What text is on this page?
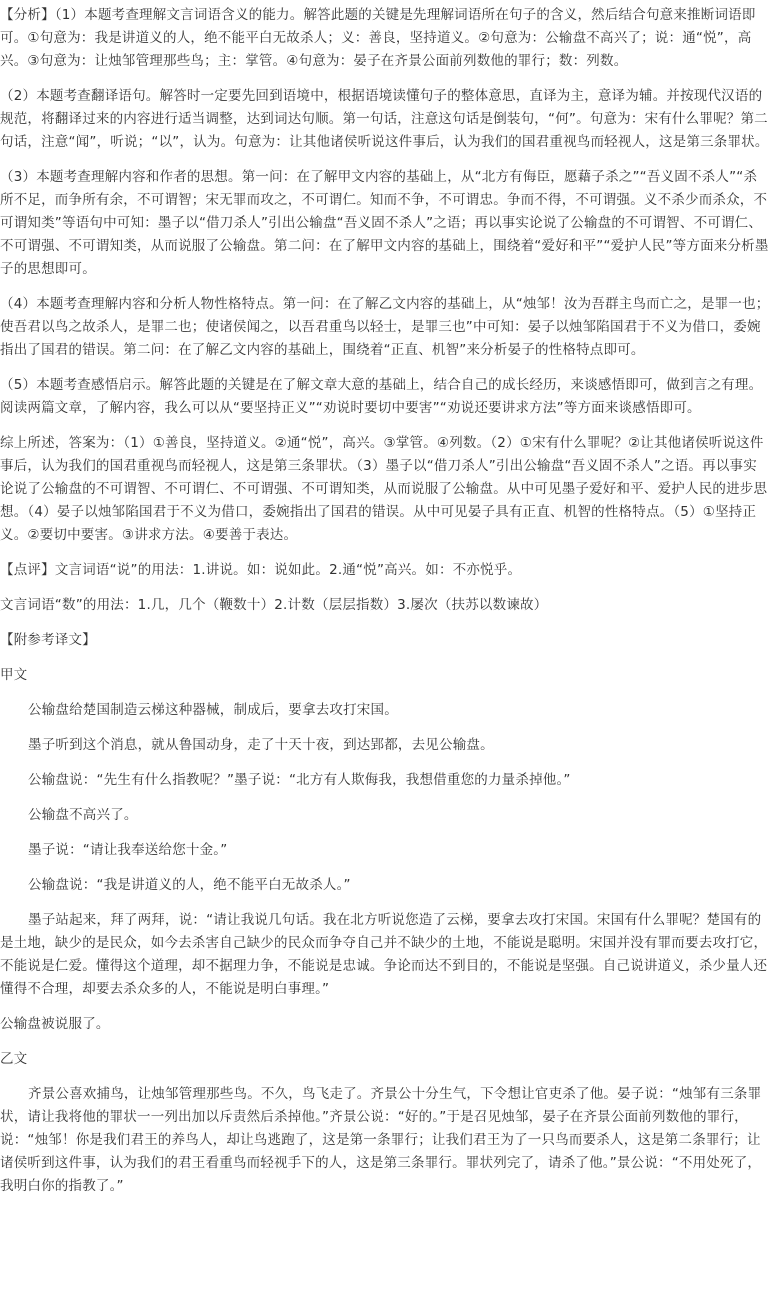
【分析】（1）本题考查理解文言词语含义的能力。解答此题的关键是先理解词语所在句子的含义，然后结合句意来推断词语即可。①句意为：我是讲道义的人，绝不能平白无故杀人；义：善良，坚持道义。②句意为：公输盘不高兴了；说：通“悦”，高兴。③句意为：让烛邹管理那些鸟；主：掌管。④句意为：晏子在齐景公面前列数他的罪行；数：列数。

（2）本题考查翻译语句。解答时一定要先回到语境中，根据语境读懂句子的整体意思，直译为主，意译为辅。并按现代汉语的规范，将翻译过来的内容进行适当调整，达到词达句顺。第一句话，注意这句话是倒装句，“何”。句意为：宋有什么罪呢？第二句话，注意“闻”，听说；“以”，认为。句意为：让其他诸侯听说这件事后，认为我们的国君重视鸟而轻视人，这是第三条罪状。

（3）本题考查理解内容和作者的思想。第一问：在了解甲文内容的基础上，从“北方有侮臣，愿藉子杀之”“吾义固不杀人”“杀所不足，而争所有余，不可谓智；宋无罪而攻之，不可谓仁。知而不争，不可谓忠。争而不得，不可谓强。义不杀少而杀众，不可谓知类”等语句中可知：墨子以“借刀杀人”引出公输盘“吾义固不杀人”之语；再以事实论说了公输盘的不可谓智、不可谓仁、不可谓强、不可谓知类，从而说服了公输盘。第二问：在了解甲文内容的基础上，围绕着“爱好和平”“爱护人民”等方面来分析墨子的思想即可。

（4）本题考查理解内容和分析人物性格特点。第一问：在了解乙文内容的基础上，从“烛邹！汝为吾群主鸟而亡之，是罪一也；使吾君以鸟之故杀人，是罪二也；使诸侯闻之，以吾君重鸟以轻士，是罪三也”中可知：晏子以烛邹陷国君于不义为借口，委婉指出了国君的错误。第二问：在了解乙文内容的基础上，围绕着“正直、机智”来分析晏子的性格特点即可。

（5）本题考查感悟启示。解答此题的关键是在了解文章大意的基础上，结合自己的成长经历，来谈感悟即可，做到言之有理。阅读两篇文章，了解内容，我么可以从“要坚持正义”“劝说时要切中要害”“劝说还要讲求方法”等方面来谈感悟即可。

综上所述，答案为：（1）①善良，坚持道义。②通“悦”，高兴。③掌管。④列数。（2）①宋有什么罪呢？②让其他诸侯听说这件事后，认为我们的国君重视鸟而轻视人，这是第三条罪状。（3）墨子以“借刀杀人”引出公输盘“吾义固不杀人”之语。再以事实论说了公输盘的不可谓智、不可谓仁、不可谓强、不可谓知类，从而说服了公输盘。从中可见墨子爱好和平、爱护人民的进步思想。（4）晏子以烛邹陷国君于不义为借口，委婉指出了国君的错误。从中可见晏子具有正直、机智的性格特点。（5）①坚持正义。②要切中要害。③讲求方法。④要善于表达。

【点评】文言词语“说”的用法：1.讲说。如：说如此。2.通“悦”高兴。如：不亦悦乎。

文言词语“数”的用法：1.几，几个（鞭数十）2.计数（层层指数）3.屡次（扶苏以数谏故）

【附参考译文】

甲文

公输盘给楚国制造云梯这种器械，制成后，要拿去攻打宋国。

墨子听到这个消息，就从鲁国动身，走了十天十夜，到达郢都，去见公输盘。

公输盘说：“先生有什么指教呢？”墨子说：“北方有人欺侮我，我想借重您的力量杀掉他。”

公输盘不高兴了。

墨子说：“请让我奉送给您十金。”

公输盘说：“我是讲道义的人，绝不能平白无故杀人。”

墨子站起来，拜了两拜，说：“请让我说几句话。我在北方听说您造了云梯，要拿去攻打宋国。宋国有什么罪呢？楚国有的是土地，缺少的是民众，如今去杀害自己缺少的民众而争夺自己并不缺少的土地，不能说是聪明。宋国并没有罪而要去攻打它，不能说是仁爱。懂得这个道理，却不据理力争，不能说是忠诚。争论而达不到目的，不能说是坚强。自己说讲道义，杀少量人还懂得不合理，却要去杀众多的人，不能说是明白事理。”

公输盘被说服了。

乙文

齐景公喜欢捕鸟，让烛邹管理那些鸟。不久，鸟飞走了。齐景公十分生气，下令想让官吏杀了他。晏子说：“烛邹有三条罪状，请让我将他的罪状一一列出加以斥责然后杀掉他。”齐景公说：“好的。”于是召见烛邹，晏子在齐景公面前列数他的罪行，说：“烛邹！你是我们君王的养鸟人，却让鸟逃跑了，这是第一条罪行；让我们君王为了一只鸟而要杀人，这是第二条罪行；让诸侯听到这件事，认为我们的君王看重鸟而轻视手下的人，这是第三条罪行。罪状列完了，请杀了他。”景公说：“不用处死了，我明白你的指教了。”
